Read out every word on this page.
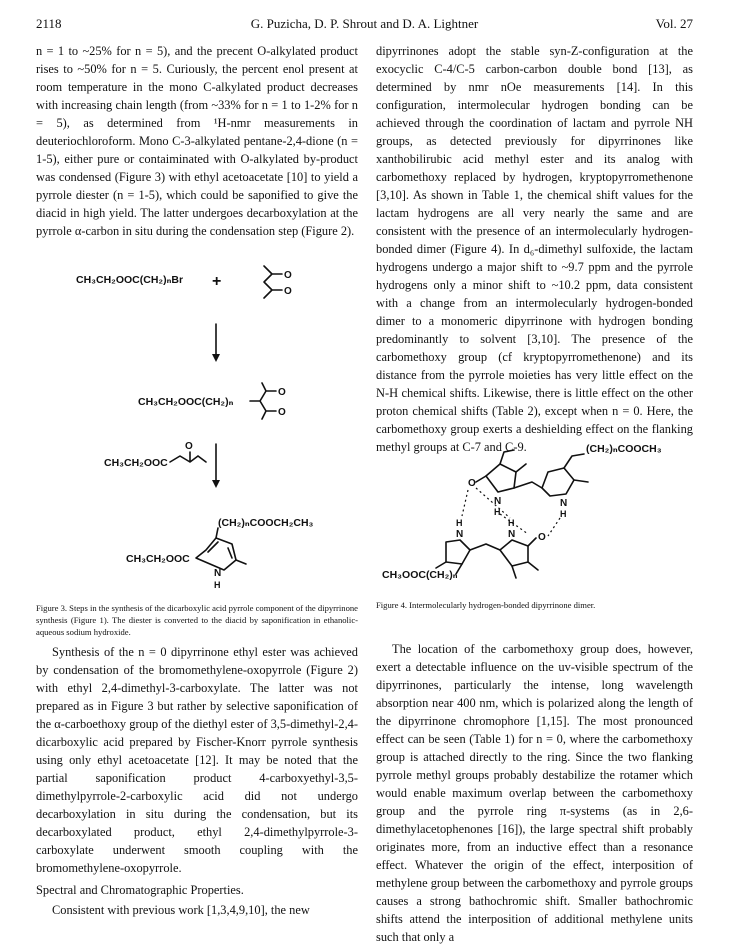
2118	G. Puzicha, D. P. Shrout and D. A. Lightner	Vol. 27

n = 1 to ~25% for n = 5), and the precent O-alkylated product rises to ~50% for n = 5. Curiously, the percent enol present at room temperature in the mono C-alkylated product decreases with increasing chain length (from ~33% for n = 1 to 1-2% for n = 5), as determined from ¹H-nmr measurements in deuteriochloroform. Mono C-3-alkylated pentane-2,4-dione (n = 1-5), either pure or contaiminated with O-alkylated by-product was condensed (Figure 3) with ethyl acetoacetate [10] to yield a pyrrole diester (n = 1-5), which could be saponified to give the diacid in high yield. The latter undergoes decarboxylation at the pyrrole α-carbon in situ during the condensation step (Figure 2).

CH₃CH₂OOC(CH₂)ₙBr +	O
O
CH₃CH₂OOC(CH₂)ₙ
O
O
CH₃CH₂OOC
O
(CH₂)ₙCOOCH₂CH₃
CH₃CH₂OOC
N
H
Figure 3. Steps in the synthesis of the dicarboxylic acid pyrrole component of the dipyrrinone synthesis (Figure 1). The diester is converted to the diacid by saponification in ethanolic-aqueous sodium hydroxide.

Synthesis of the n = 0 dipyrrinone ethyl ester was achieved by condensation of the bromomethylene-oxopyrrole (Figure 2) with ethyl 2,4-dimethyl-3-carboxylate. The latter was not prepared as in Figure 3 but rather by selective saponification of the α-carboethoxy group of the diethyl ester of 3,5-dimethyl-2,4-dicarboxylic acid prepared by Fischer-Knorr pyrrole synthesis using only ethyl acetoacetate [12]. It may be noted that the partial saponification product 4-carboxyethyl-3,5-dimethylpyrrole-2-carboxylic acid did not undergo decarboxylation in situ during the condensation, but its decarboxylated product, ethyl 2,4-dimethylpyrrole-3-carboxylate underwent smooth coupling with the bromomethylene-oxopyrrole.

Spectral and Chromatographic Properties.

Consistent with previous work [1,3,4,9,10], the new

dipyrrinones adopt the stable syn-Z-configuration at the exocyclic C-4/C-5 carbon-carbon double bond [13], as determined by nmr nOe measurements [14]. In this configuration, intermolecular hydrogen bonding can be achieved through the coordination of lactam and pyrrole NH groups, as detected previously for dipyrrinones like xanthobilirubic acid methyl ester and its analog with carbomethoxy replaced by hydrogen, kryptopyrromethenone [3,10]. As shown in Table 1, the chemical shift values for the lactam hydrogens are all very nearly the same and are consistent with the presence of an intermolecularly hydrogen-bonded dimer (Figure 4). In d₆-dimethyl sulfoxide, the lactam hydrogens undergo a major shift to ~9.7 ppm and the pyrrole hydrogens only a minor shift to ~10.2 ppm, data consistent with a change from an intermolecularly hydrogen-bonded dimer to a monomeric dipyrrinone with hydrogen bonding predominantly to solvent [3,10]. The presence of the carbomethoxy group (cf kryptopyrromethenone) and its distance from the pyrrole moieties has very little effect on the N-H chemical shifts. Likewise, there is little effect on the other proton chemical shifts (Table 2), except when n = 0. Here, the carbomethoxy group exerts a deshielding effect on the flanking methyl groups at C-7 and C-9.	(CH₂)ₙCOOCH₃
O
N
H
N
H
H
N
H
N O
CH₃OOC(CH₂)ₙ
Figure 4. Intermolecularly hydrogen-bonded dipyrrinone dimer.

The location of the carbomethoxy group does, however, exert a detectable influence on the uv-visible spectrum of the dipyrrinones, particularly the intense, long wavelength absorption near 400 nm, which is polarized along the length of the dipyrrinone chromophore [1,15]. The most pronounced effect can be seen (Table 1) for n = 0, where the carbomethoxy group is attached directly to the ring. Since the two flanking pyrrole methyl groups probably destabilize the rotamer which would enable maximum overlap between the carbomethoxy group and the pyrrole ring π-systems (as in 2,6-dimethylacetophenones [16]), the large spectral shift probably originates more, from an inductive effect than a resonance effect. Whatever the origin of the effect, interposition of methylene group between the carbomethoxy and pyrrole groups causes a strong bathochromic shift. Smaller bathochromic shifts attend the interposition of additional methylene units such that only a
